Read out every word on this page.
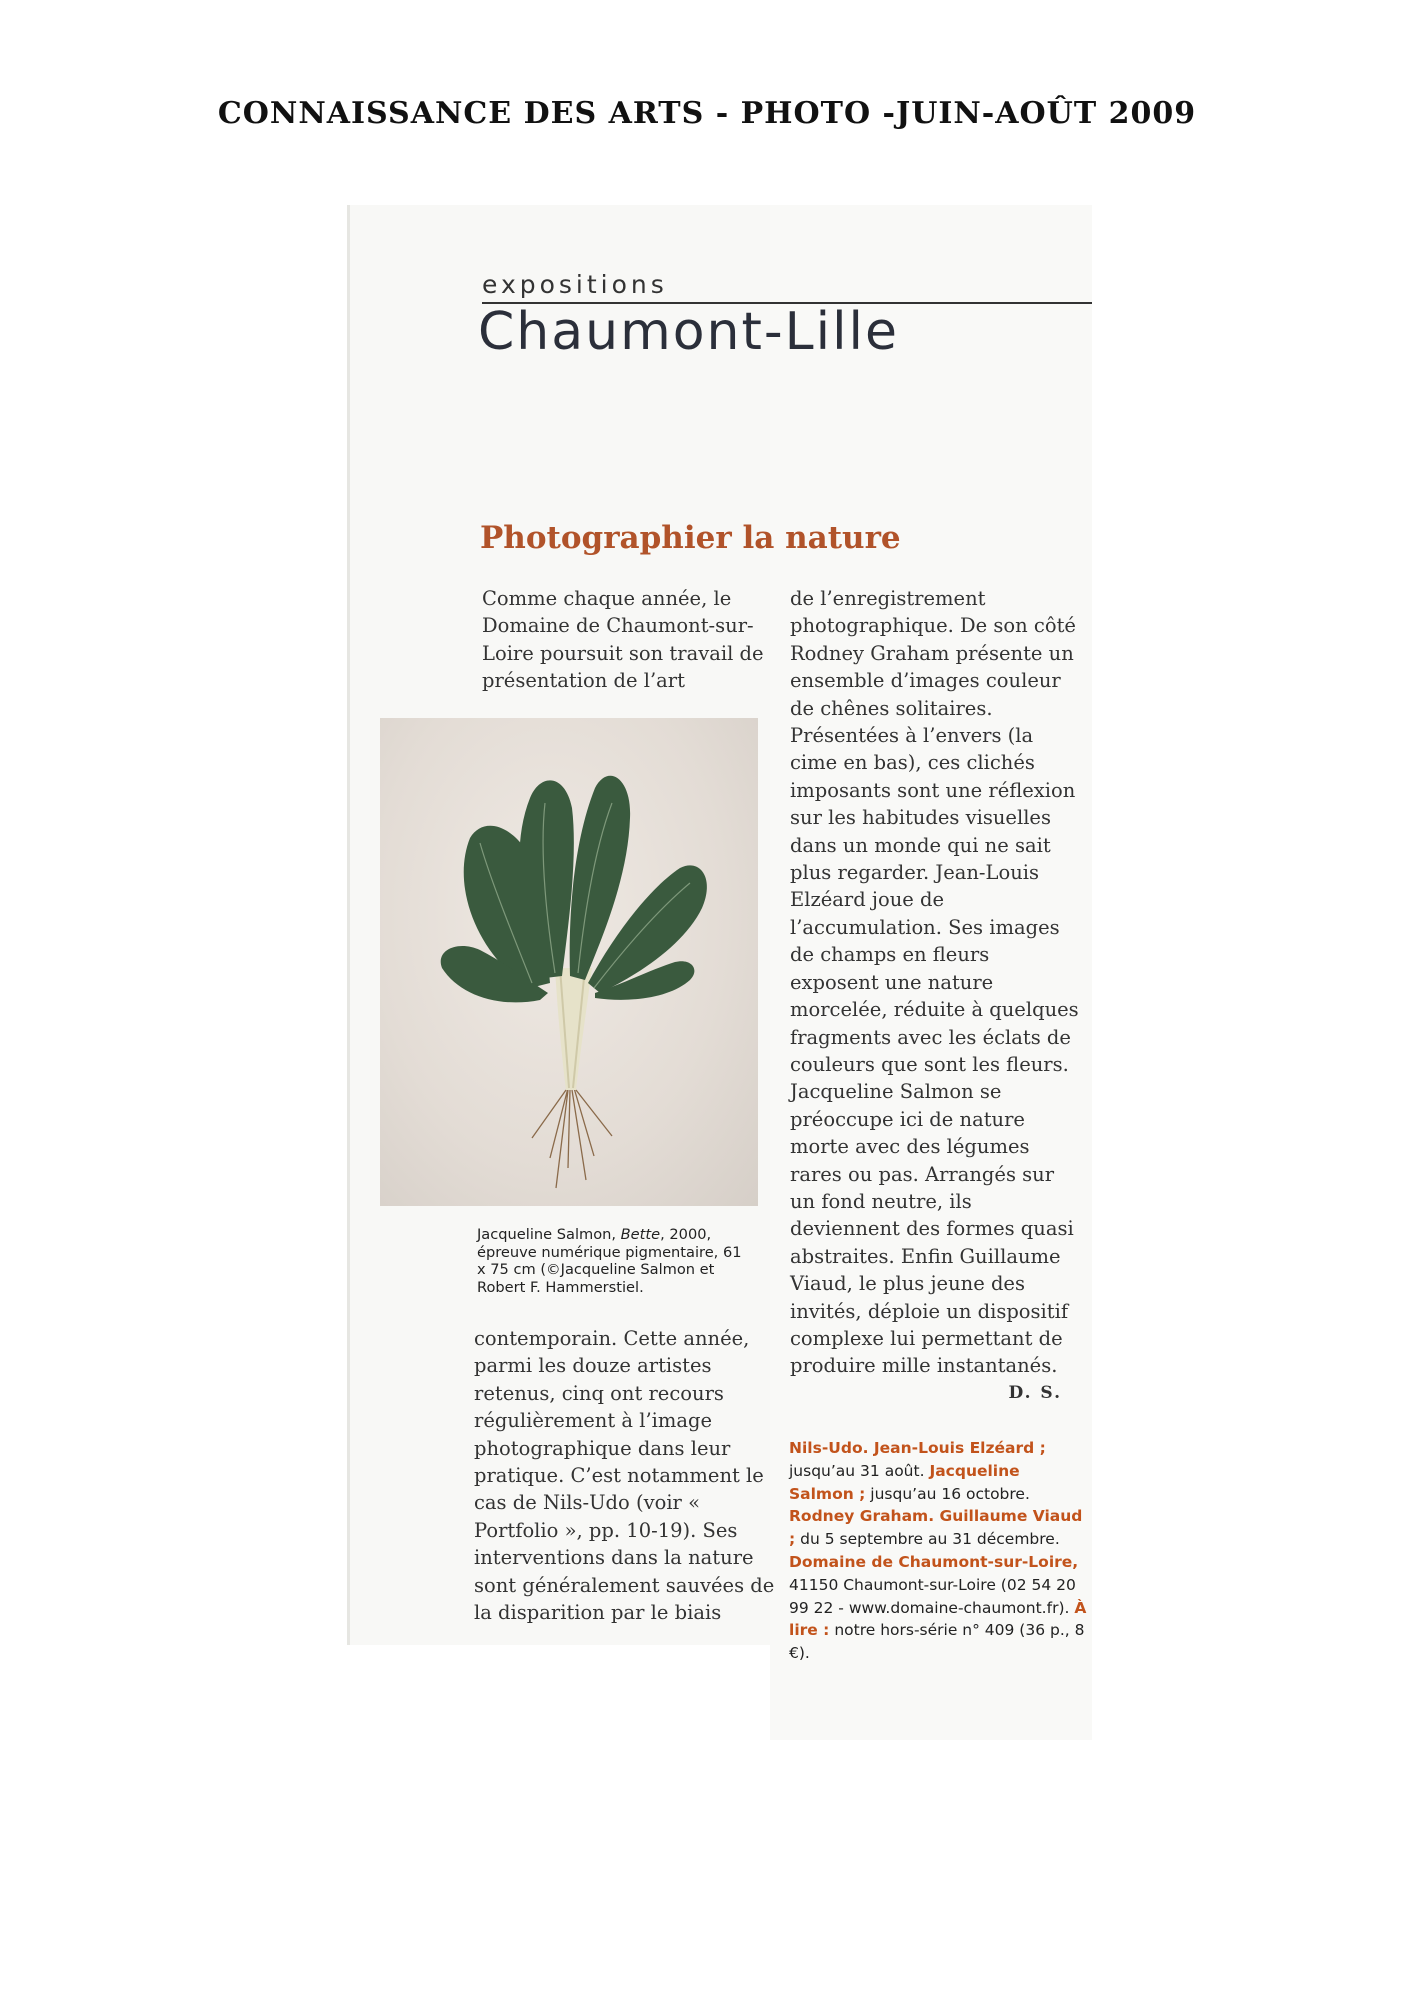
CONNAISSANCE DES ARTS - PHOTO -JUIN-AOÛT 2009
expositions
Chaumont-Lille
Photographier la nature
Comme chaque année, le Domaine de Chaumont-sur-Loire poursuit son travail de présentation de l’art
Jacqueline Salmon, Bette, 2000, épreuve numérique pigmentaire, 61 x 75 cm (©Jacqueline Salmon et Robert F. Hammerstiel.
contemporain. Cette année, parmi les douze artistes retenus, cinq ont recours régulièrement à l’image photographique dans leur pratique. C’est notamment le cas de Nils-Udo (voir « Portfolio », pp. 10-19). Ses interventions dans la nature sont généralement sauvées de la disparition par le biais
de l’enregistrement photographique. De son côté Rodney Graham présente un ensemble d’images couleur de chênes solitaires. Présentées à l’envers (la cime en bas), ces clichés imposants sont une réflexion sur les habitudes visuelles dans un monde qui ne sait plus regarder. Jean-Louis Elzéard joue de l’accumulation. Ses images de champs en fleurs exposent une nature morcelée, réduite à quelques fragments avec les éclats de couleurs que sont les fleurs. Jacqueline Salmon se préoccupe ici de nature morte avec des légumes rares ou pas. Arrangés sur un fond neutre, ils deviennent des formes quasi abstraites. Enfin Guillaume Viaud, le plus jeune des invités, déploie un dispositif complexe lui permettant de produire mille instantanés.
D. S.
Nils-Udo. Jean-Louis Elzéard ; jusqu’au 31 août. Jacqueline Salmon ; jusqu’au 16 octobre. Rodney Graham. Guillaume Viaud ; du 5 septembre au 31 décembre. Domaine de Chaumont-sur-Loire, 41150 Chaumont-sur-Loire (02 54 20 99 22 - www.domaine-chaumont.fr). À lire : notre hors-série n° 409 (36 p., 8 €).
